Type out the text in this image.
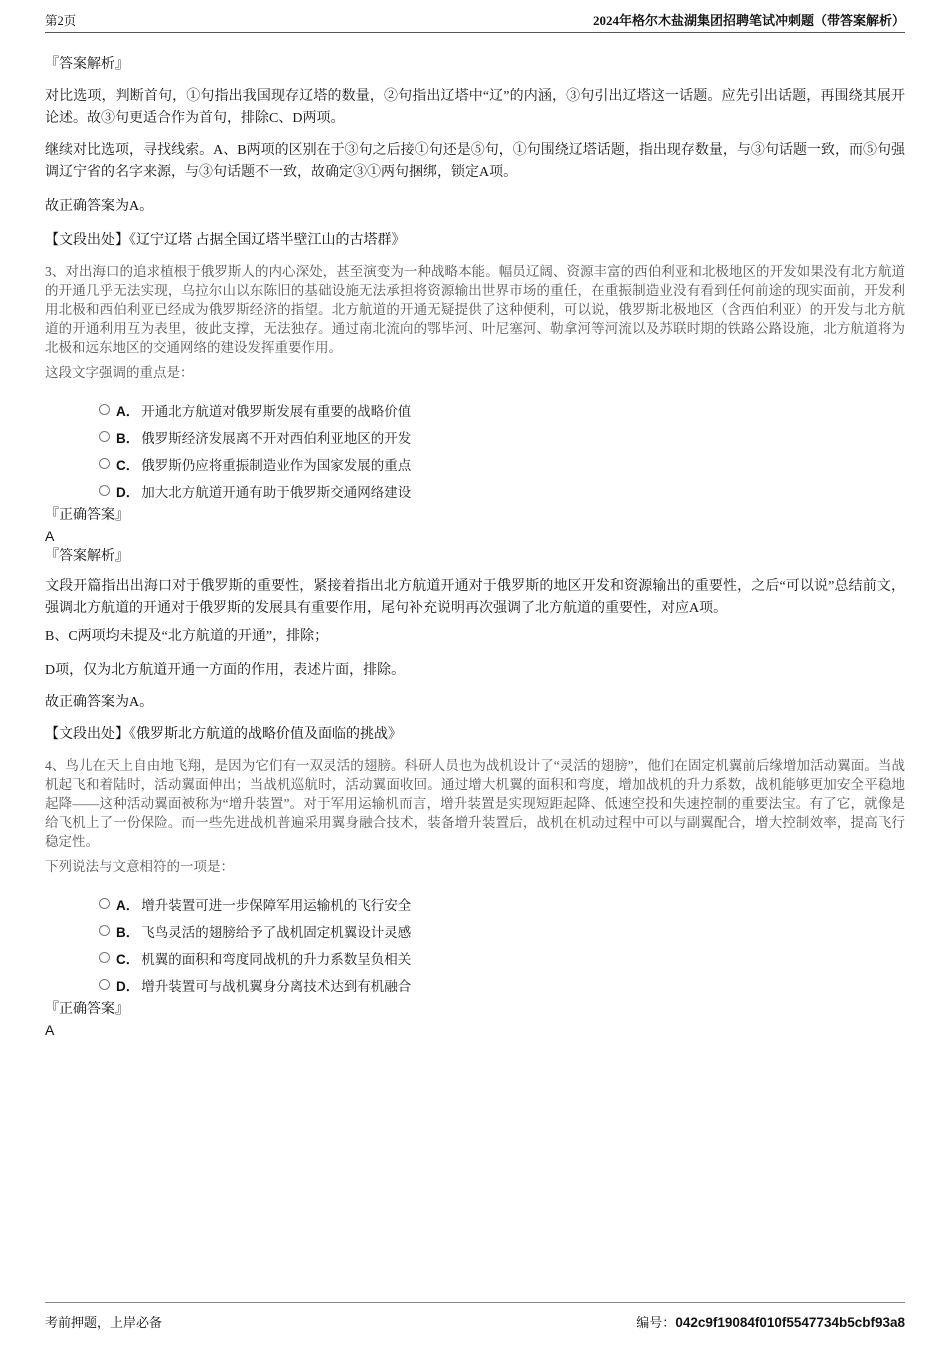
第2页	2024年格尔木盐湖集团招聘笔试冲刺题（带答案解析）
『答案解析』
对比选项，判断首句，①句指出我国现存辽塔的数量，②句指出辽塔中“辽”的内涵，③句引出辽塔这一话题。应先引出话题，再围绕其展开论述。故③句更适合作为首句，排除C、D两项。
继续对比选项，寻找线索。A、B两项的区别在于③句之后接①句还是⑤句，①句围绕辽塔话题，指出现存数量，与③句话题一致，而⑤句强调辽宁省的名字来源，与③句话题不一致，故确定③①两句捆绑，锁定A项。
故正确答案为A。
【文段出处】《辽宁辽塔 占据全国辽塔半壁江山的古塔群》
3、对出海口的追求植根于俄罗斯人的内心深处，甚至演变为一种战略本能。幅员辽阔、资源丰富的西伯利亚和北极地区的开发如果没有北方航道的开通几乎无法实现，乌拉尔山以东陈旧的基础设施无法承担将资源输出世界市场的重任，在重振制造业没有看到任何前途的现实面前，开发利用北极和西伯利亚已经成为俄罗斯经济的指望。北方航道的开通无疑提供了这种便利，可以说，俄罗斯北极地区（含西伯利亚）的开发与北方航道的开通利用互为表里，彼此支撑，无法独存。通过南北流向的鄂毕河、叶尼塞河、勒拿河等河流以及苏联时期的铁路公路设施，北方航道将为北极和远东地区的交通网络的建设发挥重要作用。
这段文字强调的重点是：
A． 开通北方航道对俄罗斯发展有重要的战略价值
B． 俄罗斯经济发展离不开对西伯利亚地区的开发
C． 俄罗斯仍应将重振制造业作为国家发展的重点
D． 加大北方航道开通有助于俄罗斯交通网络建设
『正确答案』
A
『答案解析』
文段开篇指出出海口对于俄罗斯的重要性，紧接着指出北方航道开通对于俄罗斯的地区开发和资源输出的重要性，之后“可以说”总结前文，强调北方航道的开通对于俄罗斯的发展具有重要作用，尾句补充说明再次强调了北方航道的重要性，对应A项。
B、C两项均未提及“北方航道的开通”，排除；
D项，仅为北方航道开通一方面的作用，表述片面，排除。
故正确答案为A。
【文段出处】《俄罗斯北方航道的战略价值及面临的挑战》
4、鸟儿在天上自由地飞翔，是因为它们有一双灵活的翅膀。科研人员也为战机设计了“灵活的翅膀”，他们在固定机翼前后缘增加活动翼面。当战机起飞和着陆时，活动翼面伸出；当战机巡航时，活动翼面收回。通过增大机翼的面积和弯度，增加战机的升力系数，战机能够更加安全平稳地起降——这种活动翼面被称为“增升装置”。对于军用运输机而言，增升装置是实现短距起降、低速空投和失速控制的重要法宝。有了它，就像是给飞机上了一份保险。而一些先进战机普遍采用翼身融合技术，装备增升装置后，战机在机动过程中可以与副翼配合，增大控制效率，提高飞行稳定性。
下列说法与文意相符的一项是：
A． 增升装置可进一步保障军用运输机的飞行安全
B． 飞鸟灵活的翅膀给予了战机固定机翼设计灵感
C． 机翼的面积和弯度同战机的升力系数呈负相关
D． 增升装置可与战机翼身分离技术达到有机融合
『正确答案』
A
考前押题，上岸必备	编号：042c9f19084f010f5547734b5cbf93a8
